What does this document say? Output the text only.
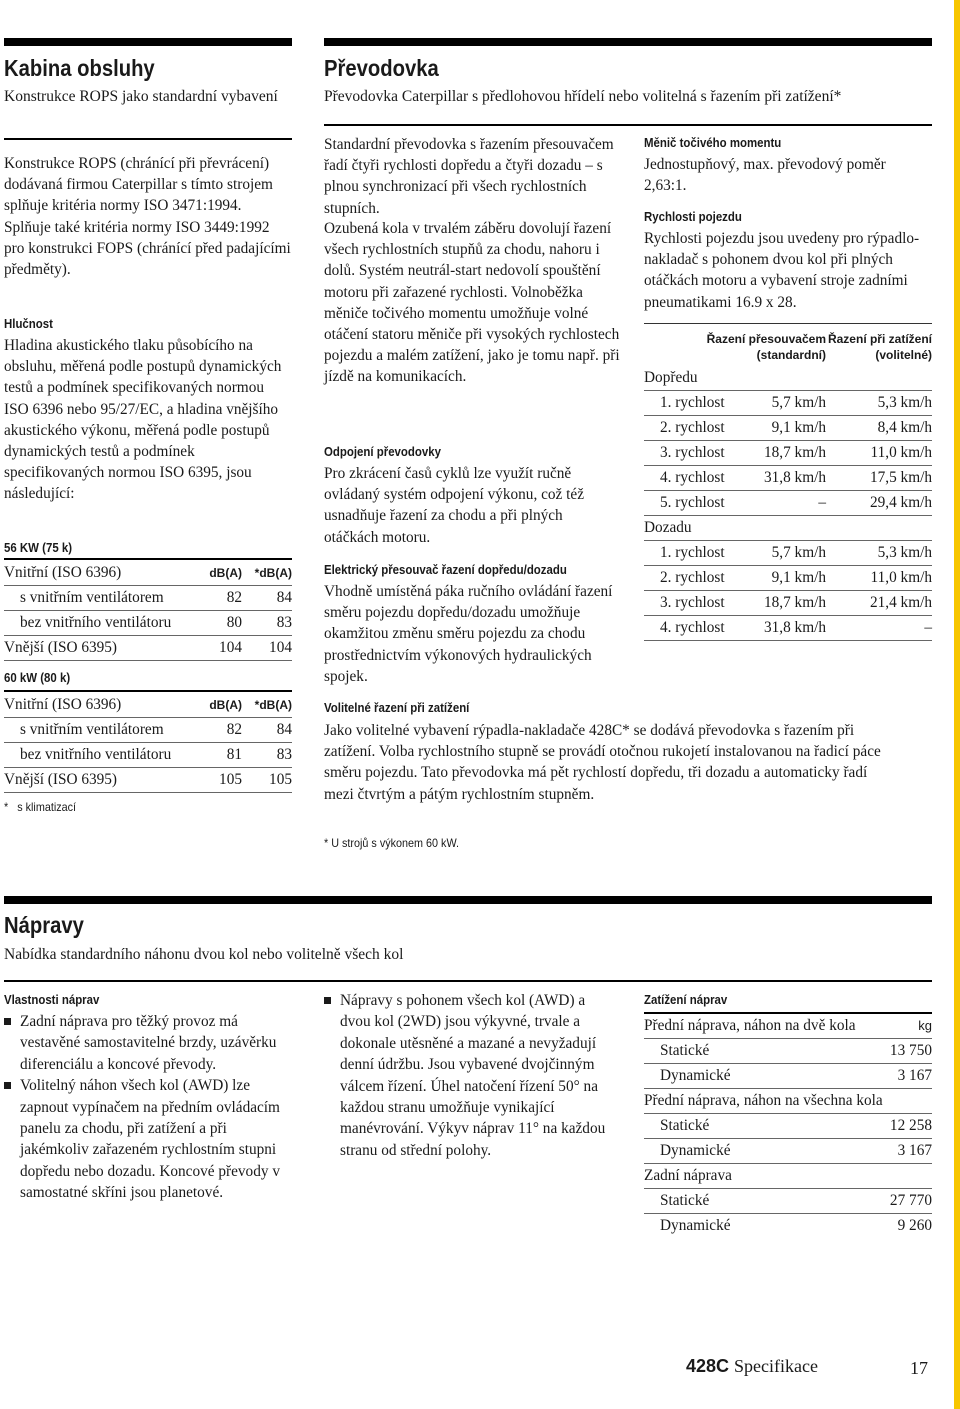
Kabina obsluhy
Konstrukce ROPS jako standardní vybavení
Konstrukce ROPS (chránící při převrácení) dodávaná firmou Caterpillar s tímto strojem splňuje kritéria normy ISO 3471:1994. Splňuje také kritéria normy ISO 3449:1992 pro konstrukci FOPS (chránící před padajícími předměty).
Hlučnost
Hladina akustického tlaku působícího na obsluhu, měřená podle postupů dynamických testů a podmínek specifikovaných normou ISO 6396 nebo 95/27/EC, a hladina vnějšího akustického výkonu, měřená podle postupů dynamických testů a podmínek specifikovaných normou ISO 6395, jsou následující:
56 KW (75 k)
Vnitřní (ISO 6396)	dB(A)	*dB(A)
s vnitřním ventilátorem	82	84
bez vnitřního ventilátoru	80	83
Vnější (ISO 6395)	104	104
60 kW (80 k)
Vnitřní (ISO 6396)	dB(A)	*dB(A)
s vnitřním ventilátorem	82	84
bez vnitřního ventilátoru	81	83
Vnější (ISO 6395)	105	105
* s klimatizací
Převodovka
Převodovka Caterpillar s předlohovou hřídelí nebo volitelná s řazením při zatížení*
Standardní převodovka s řazením přesouvačem řadí čtyři rychlosti dopředu a čtyři dozadu – s plnou synchronizací při všech rychlostních stupních.
Ozubená kola v trvalém záběru dovolují řazení všech rychlostních stupňů za chodu, nahoru i dolů. Systém neutrál-start nedovolí spouštění motoru při zařazené rychlosti. Volnoběžka měniče točivého momentu umožňuje volné otáčení statoru měniče při vysokých rychlostech pojezdu a malém zatížení, jako je tomu např. při jízdě na komunikacích.
Odpojení převodovky
Pro zkrácení časů cyklů lze využít ručně ovládaný systém odpojení výkonu, což též usnadňuje řazení za chodu a při plných otáčkách motoru.
Elektrický přesouvač řazení dopředu/dozadu
Vhodně umístěná páka ručního ovládání řazení směru pojezdu dopředu/dozadu umožňuje okamžitou změnu směru pojezdu za chodu prostřednictvím výkonových hydraulických spojek.
Měnič točivého momentu
Jednostupňový, max. převodový poměr 2,63:1.
Rychlosti pojezdu
Rychlosti pojezdu jsou uvedeny pro rýpadlo-nakladač s pohonem dvou kol při plných otáčkách motoru a vybavení stroje zadními pneumatikami 16.9 x 28.
Řazení přesouvačem
(standardní)
Řazení při zatížení
(volitelné)
Dopředu
1. rychlost	5,7 km/h	5,3 km/h
2. rychlost	9,1 km/h	8,4 km/h
3. rychlost	18,7 km/h	11,0 km/h
4. rychlost	31,8 km/h	17,5 km/h
5. rychlost	–	29,4 km/h
Dozadu
1. rychlost	5,7 km/h	5,3 km/h
2. rychlost	9,1 km/h	11,0 km/h
3. rychlost	18,7 km/h	21,4 km/h
4. rychlost	31,8 km/h	–
Volitelné řazení při zatížení
Jako volitelné vybavení rýpadla-nakladače 428C* se dodává převodovka s řazením při zatížení. Volba rychlostního stupně se provádí otočnou rukojetí instalovanou na řadicí páce směru pojezdu. Tato převodovka má pět rychlostí dopředu, tři dozadu a automaticky řadí mezi čtvrtým a pátým rychlostním stupněm.
* U strojů s výkonem 60 kW.
Nápravy
Nabídka standardního náhonu dvou kol nebo volitelně všech kol
Vlastnosti náprav
Zadní náprava pro těžký provoz má vestavěné samostavitelné brzdy, uzávěrku diferenciálu a koncové převody.
Volitelný náhon všech kol (AWD) lze zapnout vypínačem na předním ovládacím panelu za chodu, při zatížení a při jakémkoliv zařazeném rychlostním stupni dopředu nebo dozadu. Koncové převody v samostatné skříni jsou planetové.
Nápravy s pohonem všech kol (AWD) a dvou kol (2WD) jsou výkyvné, trvale a dokonale utěsněné a mazané a nevyžadují denní údržbu. Jsou vybavené dvojčinným válcem řízení. Úhel natočení řízení 50° na každou stranu umožňuje vynikající manévrování. Výkyv náprav 11° na každou stranu od střední polohy.
Zatížení náprav
Přední náprava, náhon na dvě kola	kg
Statické	13 750
Dynamické	3 167
Přední náprava, náhon na všechna kola
Statické	12 258
Dynamické	3 167
Zadní náprava
Statické	27 770
Dynamické	9 260
428C Specifikace	17
